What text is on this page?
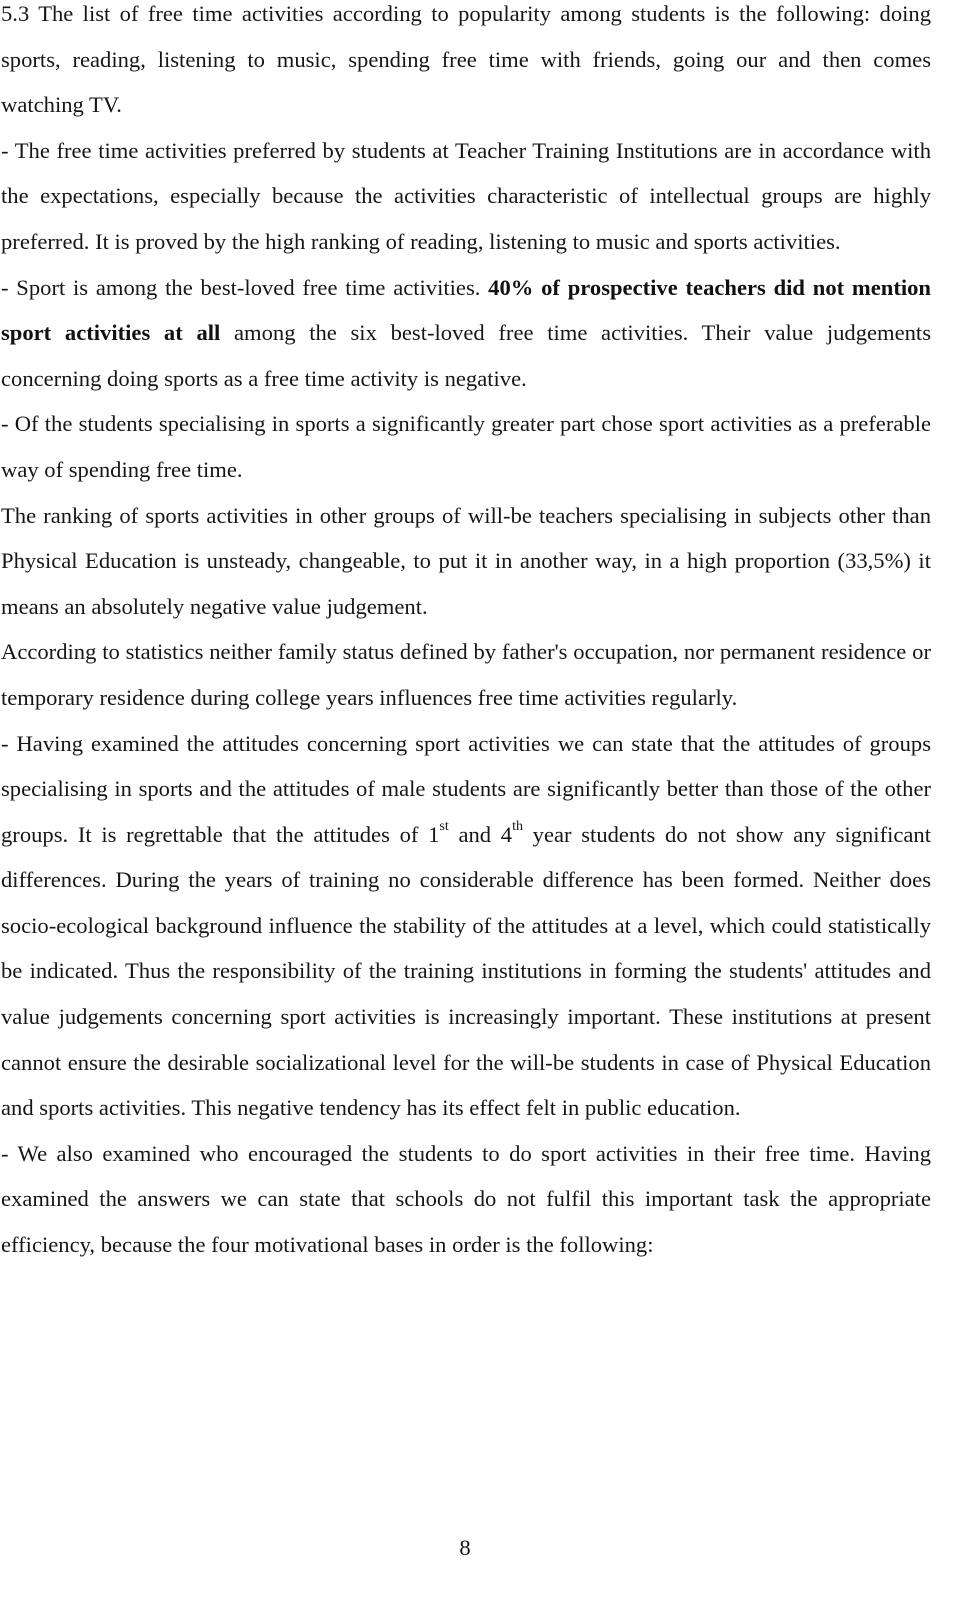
5.3 The list of free time activities according to popularity among students is the following: doing sports, reading, listening to music, spending free time with friends, going our and then comes watching TV.

- The free time activities preferred by students at Teacher Training Institutions are in accordance with the expectations, especially because the activities characteristic of intellectual groups are highly preferred. It is proved by the high ranking of reading, listening to music and sports activities.

- Sport is among the best-loved free time activities. 40% of prospective teachers did not mention sport activities at all among the six best-loved free time activities. Their value judgements concerning doing sports as a free time activity is negative.

- Of the students specialising in sports a significantly greater part chose sport activities as a preferable way of spending free time.

The ranking of sports activities in other groups of will-be teachers specialising in subjects other than Physical Education is unsteady, changeable, to put it in another way, in a high proportion (33,5%) it means an absolutely negative value judgement.

According to statistics neither family status defined by father's occupation, nor permanent residence or temporary residence during college years influences free time activities regularly.

- Having examined the attitudes concerning sport activities we can state that the attitudes of groups specialising in sports and the attitudes of male students are significantly better than those of the other groups. It is regrettable that the attitudes of 1st and 4th year students do not show any significant differences. During the years of training no considerable difference has been formed. Neither does socio-ecological background influence the stability of the attitudes at a level, which could statistically be indicated. Thus the responsibility of the training institutions in forming the students' attitudes and value judgements concerning sport activities is increasingly important. These institutions at present cannot ensure the desirable socializational level for the will-be students in case of Physical Education and sports activities. This negative tendency has its effect felt in public education.

- We also examined who encouraged the students to do sport activities in their free time. Having examined the answers we can state that schools do not fulfil this important task the appropriate efficiency, because the four motivational bases in order is the following:

8
